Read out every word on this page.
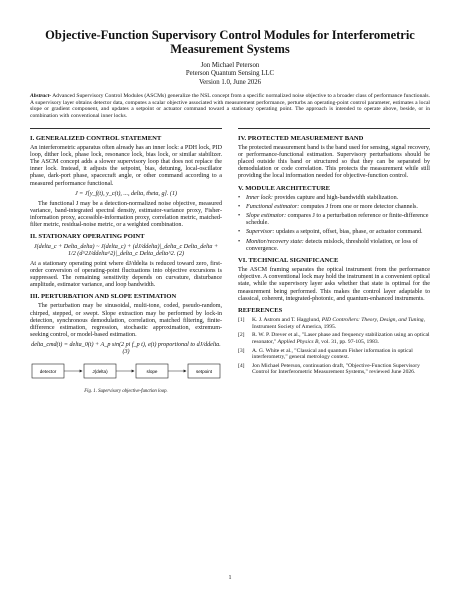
Objective-Function Supervisory Control Modules for Interferometric Measurement Systems
Jon Michael Peterson
Peterson Quantum Sensing LLC
Version 1.0, June 2026
Abstract- Advanced Supervisory Control Modules (ASCMs) generalize the NSL concept from a specific normalized noise objective to a broader class of performance functionals. A supervisory layer obtains detector data, computes a scalar objective associated with measurement performance, perturbs an operating-point control parameter, estimates a local slope or gradient component, and updates a setpoint or actuator command toward a stationary operating point. The approach is intended to operate above, beside, or in combination with conventional inner locks.
I. GENERALIZED CONTROL STATEMENT

An interferometric apparatus often already has an inner lock: a PDH lock, PID loop, dither lock, phase lock, resonance lock, bias lock, or similar stabilizer. The ASCM concept adds a slower supervisory loop that does not replace the inner lock. Instead, it adjusts the setpoint, bias, detuning, local-oscillator phase, dark-port phase, spacecraft angle, or other command according to a measured performance functional.

J = J[y_f(t), y_c(t), ..., delta, theta, g]. (1)

The functional J may be a detection-normalized noise objective, measured variance, band-integrated spectral density, estimator-variance proxy, Fisher-information proxy, accessible-information proxy, correlation metric, matched-filter metric, residual-noise metric, or a weighted combination.

II. STATIONARY OPERATING POINT
J(delta_c + Delta_delta) ~ J(delta_c) + (dJ/ddelta)|_delta_c Delta_delta + 1/2 (d^2J/ddelta^2)|_delta_c Delta_delta^2. (2)

At a stationary operating point where dJ/ddelta is reduced toward zero, first-order conversion of operating-point fluctuations into objective excursions is suppressed. The remaining sensitivity depends on curvature, disturbance amplitude, estimator variance, and loop bandwidth.

III. PERTURBATION AND SLOPE ESTIMATION

The perturbation may be sinusoidal, multi-tone, coded, pseudo-random, chirped, stepped, or swept. Slope extraction may be performed by lock-in detection, synchronous demodulation, correlation, matched filtering, finite-difference estimation, regression, stochastic approximation, extremum-seeking control, or model-based estimation.

delta_cmd(t) = delta_0(t) + A_p sin(2 pi f_p t), e(t) proportional to dJ/ddelta. (3)
detector	J(delta)	slope	setpoint
Fig. 1. Supervisory objective-function loop.
IV. PROTECTED MEASUREMENT BAND

The protected measurement band is the band used for sensing, signal recovery, or performance-functional estimation. Supervisory perturbations should be placed outside this band or structured so that they can be separated by demodulation or code correlation. This protects the measurement while still providing the local information needed for objective-function control.

V. MODULE ARCHITECTURE
• Inner lock: provides capture and high-bandwidth stabilization.
• Functional estimator: computes J from one or more detector channels.
• Slope estimator: compares J to a perturbation reference or finite-difference schedule.
• Supervisor: updates a setpoint, offset, bias, phase, or actuator command.
• Monitor/recovery state: detects mislock, threshold violation, or loss of convergence.
VI. TECHNICAL SIGNIFICANCE

The ASCM framing separates the optical instrument from the performance objective. A conventional lock may hold the instrument in a convenient optical state, while the supervisory layer asks whether that state is optimal for the measurement being performed. This makes the control layer adaptable to classical, coherent, integrated-photonic, and quantum-enhanced instruments.

REFERENCES
[1] K. J. Astrom and T. Hagglund, PID Controllers: Theory, Design, and Tuning, Instrument Society of America, 1995.
[2] R. W. P. Drever et al., "Laser phase and frequency stabilization using an optical resonator," Applied Physics B, vol. 31, pp. 97-105, 1983.
[3] A. G. White et al., "Classical and quantum Fisher information in optical interferometry," general metrology context.
[4] Jon Michael Peterson, continuation draft, "Objective-Function Supervisory Control for Interferometric Measurement Systems," reviewed June 2026.
1
